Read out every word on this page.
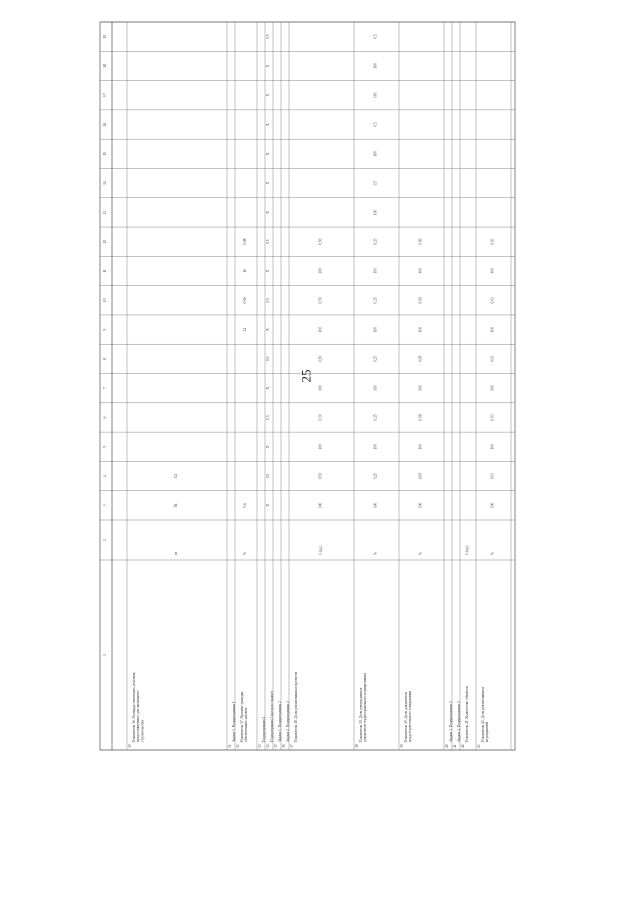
25
1
2
3
4
5
6
7
8
9
10
11
12
13
14
15
16
17
18
19
30
Показатель 16. Площадь земельных участков, предоставленных для жилищного строительства
га
84
0,2
31
Задача 3. Подпрограммы 1
32
Показатель 17. Процент граждан, обеспеченных жильем
%
5,6
24
0,06
16
0,08
33
Подпрограмма 2
34
Подпрограмма 2 (цель по задаче)
X
0,5
X
0,5
X
0,5
X
0,5
X
0,5
X
X
X
X
X
X
0,5
35
Задача 1. Подпрограммы 2
36
Задача 2. Подпрограммы 2
37
Показатель 18. Доля реализованных проектов
1 (ед.)
100
0,50
100
0,50
100
0,50
100
0,50
100
0,50
38
Показатель 19. Доля утвержденных документов территориального планирования
%
100
0,25
100
0,25
100
0,25
100
0,25
100
0,25
100
0,5
100
0,5
100
100
0,5
39
Показатель 20. Доля документов градостроительного зонирования
%
100
0,09
100
0,08
100
0,09
100
0,09
100
0,09
40
Задача 3. Подпрограммы 2
41
Задача 4. Подпрограммы 2
42
Показатель 21. Количество объектов
1 (ед.)
43
Показатель 22. Доля реализованных мероприятий
%
100
0,03
100
0,03
100
0,03
100
0,03
100
0,03
